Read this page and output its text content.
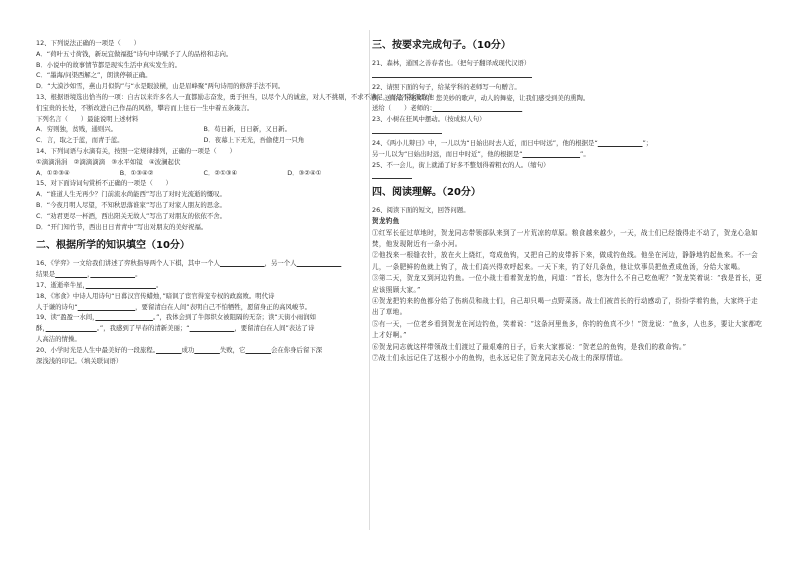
12、下列说法正确的一项是（　　）
A．“荷叶五寸荷钱，新玩宜做福挺”诗句中诗赋予了人的品格和志向。
B．小说中的故事情节都是现实生活中真实发生的。
C．“墨海/问渠西解之”，朗读停顿正确。
D．“大漠沙如雪，燕山月似钩”与“水是眼波横，山是眉峰聚”两句诗用的修辞手法不同。
13、根据语境选出恰当的一项：自古以来许多名人一直都励志奋发，勇于担当，以尽个人的诚意，对人不挑剔，不求不满足，而是不断汲取他
们宝贵的长处，不断改进自己作品的风格，攀岩而上往石一生中着五条箴言。
下列名言（　　）最能说明上述材料
A．穷则独，贫贱，通则兴。	B．苟日新，日日新，又日新。
C．言，取之于蓝，而青于蓝。	D．夜幕上下无光，吾偷使月一只角
14、下列词语与水滴有关，按照一定规律排列，正确的一项是（　　）
①滴滴涓涓　②滴滴滴滴　③水平如镜　④波澜起伏
A．①②③④	B．①③④②	C．②①③④	D．③②④①
15、对下面诗词句赏析不正确的一项是（　　）
A．“谁道人生无再少？门前流水尚能西”写出了对时光流逝的慨叹。
B．“今夜月明人尽望，不知秋思落谁家”写出了对家人朋友的思念。
C．“劝君更尽一杯酒，西出阳关无故人”写出了对朋友的依依不舍。
D．“开门知竹节，西出日日青青中”写出对朋友的美好祝福。
二、根据所学的知识填空（10分）
16、《学弈》一文给我们讲述了弈秋指导两个人下棋，其中一个人　　　　　　　	，另一个人　　　　　　　
结果是　　　　　	，　　　　　　　	。
17、逝逝牵牛星，　　　　　　　　　　　	。
18、《寒食》中诗人用诗句“日暮汉宫传蜡烛，”暗讽了宦官得宠专权的政腐败。明代诗
人于谦的诗句“　　　　　　　　　	，要留清白在人间”表明自己不怕牺牲，愿留身正的高风峻节。
19、读“盈盈一水间，　　　　　　　　　	。”，我体会到了牛郎织女被阻隔的无奈；读“天街小雨润如
酥，　　　　　　　　	。”，我感到了早春的清新美丽；“　　　　　　　	，要留清白在人间”表达了诗
人高洁的情操。
20、小学时光是人生中最美好的一段旅程。　　　　	成功　　　　	失败，它　　　　	会在你身后留下深
深浅浅的印记。（填关联词语）
三、按要求完成句子。（10分）
21、森林，通国之善春者也。（把句子翻译成现代汉语）
22、请照下面的句子，给某学科的老师写一句赠言。
例：送给音乐老师的：您美妙的歌声，动人的舞姿，让我们感受到美的熏陶。
送给（　　）老师的：　　　　　　　　　　　　　　
23、小树在狂风中摆动。（按成拟人句）
24、《两小儿辩日》中，一儿以为“日始出时去人近，而日中时远”，他的根据是“　　　　　　　	”；
另一儿以为“日始出时远，而日中时近”，他的根据是“　　　　　　　　　	”。
25、不一会儿，街上就涌了好多不整划得着粗衣的人。（缩句）
四、阅读理解。（20分）
26、阅读下面的短文，回答问题。
贺龙钓鱼
①红军长征过草地时，贺龙同志带领部队来到了一片荒凉的草原。粮食越来越少，一天，战士们已经饿得走不动了，贺龙心急如焚，他发现附近有一条小河。
②他找来一根缝衣针，放在火上烧红，弯成鱼钩，又把自己的皮带拆下来，做成钓鱼线。他坐在河边，静静地钓起鱼来。不一会儿，一条肥鲜的鱼就上钩了，战士们高兴得欢呼起来。一天下来，钓了好几条鱼，他让炊事员把鱼煮成鱼汤，分给大家喝。
③第二天，贺龙又到河边钓鱼。一位小战士看着贺龙钓鱼，问道：“首长，您为什么不自己吃鱼呢？”贺龙笑着说：“我是首长，更应该照顾大家。”
④贺龙把钓来的鱼都分给了伤病员和战士们，自己却只喝一点野菜汤。战士们被首长的行动感动了，纷纷学着钓鱼，大家终于走出了草地。
⑤有一天，一位老乡看到贺龙在河边钓鱼，笑着说：“这条河里鱼多，你钓的鱼真不少！”贺龙说：“鱼多，人也多，要让大家都吃上才好啊。”
⑥贺龙同志就这样带领战士们渡过了最艰难的日子，后来大家都说：“贺老总的鱼钩，是我们的救命钩。”
⑦战士们永远记住了这根小小的鱼钩，也永远记住了贺龙同志关心战士的深厚情谊。
